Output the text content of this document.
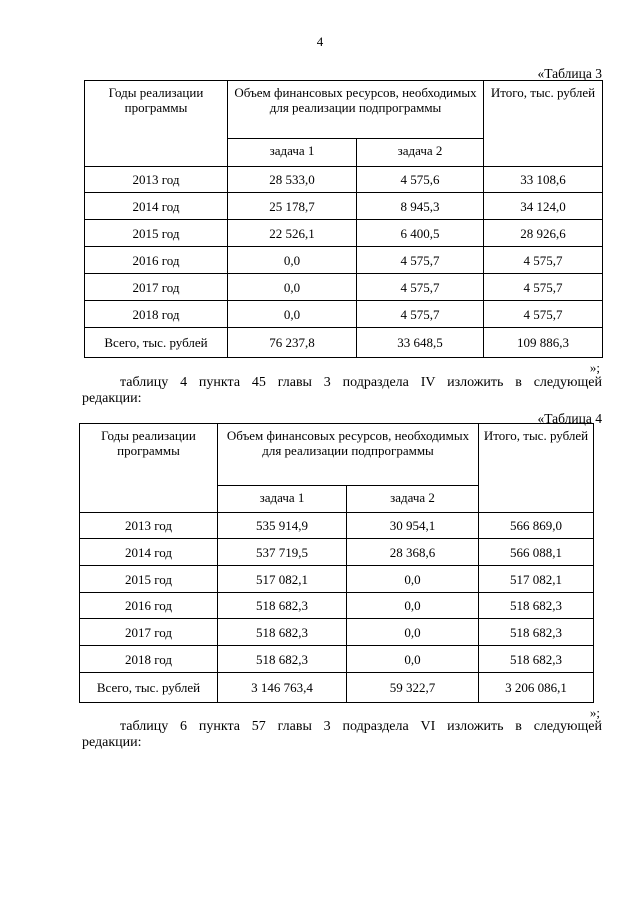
4
«Таблица 3
Годы реализации программы	Объем финансовых ресурсов, необходимых для реализации подпрограммы		Итого, тыс. рублей
	задача 1	задача 2	
2013 год	28 533,0	4 575,6	33 108,6
2014 год	25 178,7	8 945,3	34 124,0
2015 год	22 526,1	6 400,5	28 926,6
2016 год	0,0	4 575,7	4 575,7
2017 год	0,0	4 575,7	4 575,7
2018 год	0,0	4 575,7	4 575,7
Всего, тыс. рублей	76 237,8	33 648,5	109 886,3
»;
таблицу 4 пункта 45 главы 3 подраздела IV изложить в следующей
редакции:
«Таблица 4
Годы реализации программы	Объем финансовых ресурсов, необходимых для реализации подпрограммы		Итого, тыс. рублей
	задача 1	задача 2	
2013 год	535 914,9	30 954,1	566 869,0
2014 год	537 719,5	28 368,6	566 088,1
2015 год	517 082,1	0,0	517 082,1
2016 год	518 682,3	0,0	518 682,3
2017 год	518 682,3	0,0	518 682,3
2018 год	518 682,3	0,0	518 682,3
Всего, тыс. рублей	3 146 763,4	59 322,7	3 206 086,1
»;
таблицу 6 пункта 57 главы 3 подраздела VI изложить в следующей
редакции:
